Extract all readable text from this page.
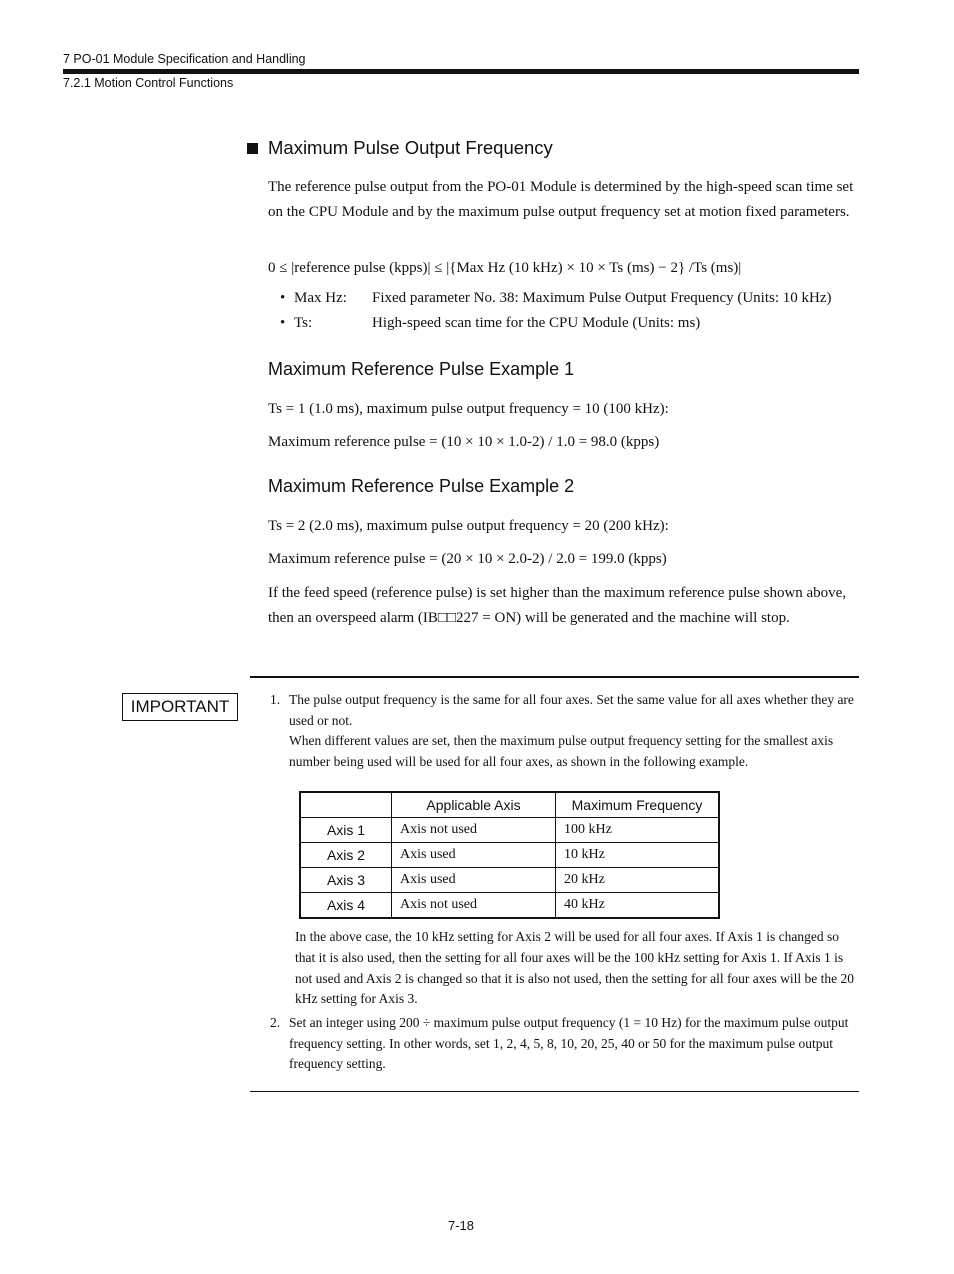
7 PO-01 Module Specification and Handling
7.2.1 Motion Control Functions
Maximum Pulse Output Frequency
The reference pulse output from the PO-01 Module is determined by the high-speed scan time set on the CPU Module and by the maximum pulse output frequency set at motion fixed parameters.
0 ≤ |reference pulse (kpps)| ≤ |{Max Hz (10 kHz) × 10 × Ts (ms) − 2} /Ts (ms)|
• Max Hz: Fixed parameter No. 38: Maximum Pulse Output Frequency (Units: 10 kHz)
• Ts:	High-speed scan time for the CPU Module (Units: ms)
Maximum Reference Pulse Example 1
Ts = 1 (1.0 ms), maximum pulse output frequency = 10 (100 kHz):
Maximum reference pulse = (10 × 10 × 1.0-2) / 1.0 = 98.0 (kpps)
Maximum Reference Pulse Example 2
Ts = 2 (2.0 ms), maximum pulse output frequency = 20 (200 kHz):
Maximum reference pulse = (20 × 10 × 2.0-2) / 2.0 = 199.0 (kpps)
If the feed speed (reference pulse) is set higher than the maximum reference pulse shown above, then an overspeed alarm (IB□□227 = ON) will be generated and the machine will stop.
IMPORTANT	1. The pulse output frequency is the same for all four axes. Set the same value for all axes whether they are used or not.
When different values are set, then the maximum pulse output frequency setting for the smallest axis number being used will be used for all four axes, as shown in the following example.
	Applicable Axis	Maximum Frequency
Axis 1	Axis not used	100 kHz
Axis 2	Axis used	10 kHz
Axis 3	Axis used	20 kHz
Axis 4	Axis not used	40 kHz
In the above case, the 10 kHz setting for Axis 2 will be used for all four axes. If Axis 1 is changed so that it is also used, then the setting for all four axes will be the 100 kHz setting for Axis 1. If Axis 1 is not used and Axis 2 is changed so that it is also not used, then the setting for all four axes will be the 20 kHz setting for Axis 3.
2. Set an integer using 200 ÷ maximum pulse output frequency (1 = 10 Hz) for the maximum pulse output frequency setting. In other words, set 1, 2, 4, 5, 8, 10, 20, 25, 40 or 50 for the maximum pulse output frequency setting.
7-18
